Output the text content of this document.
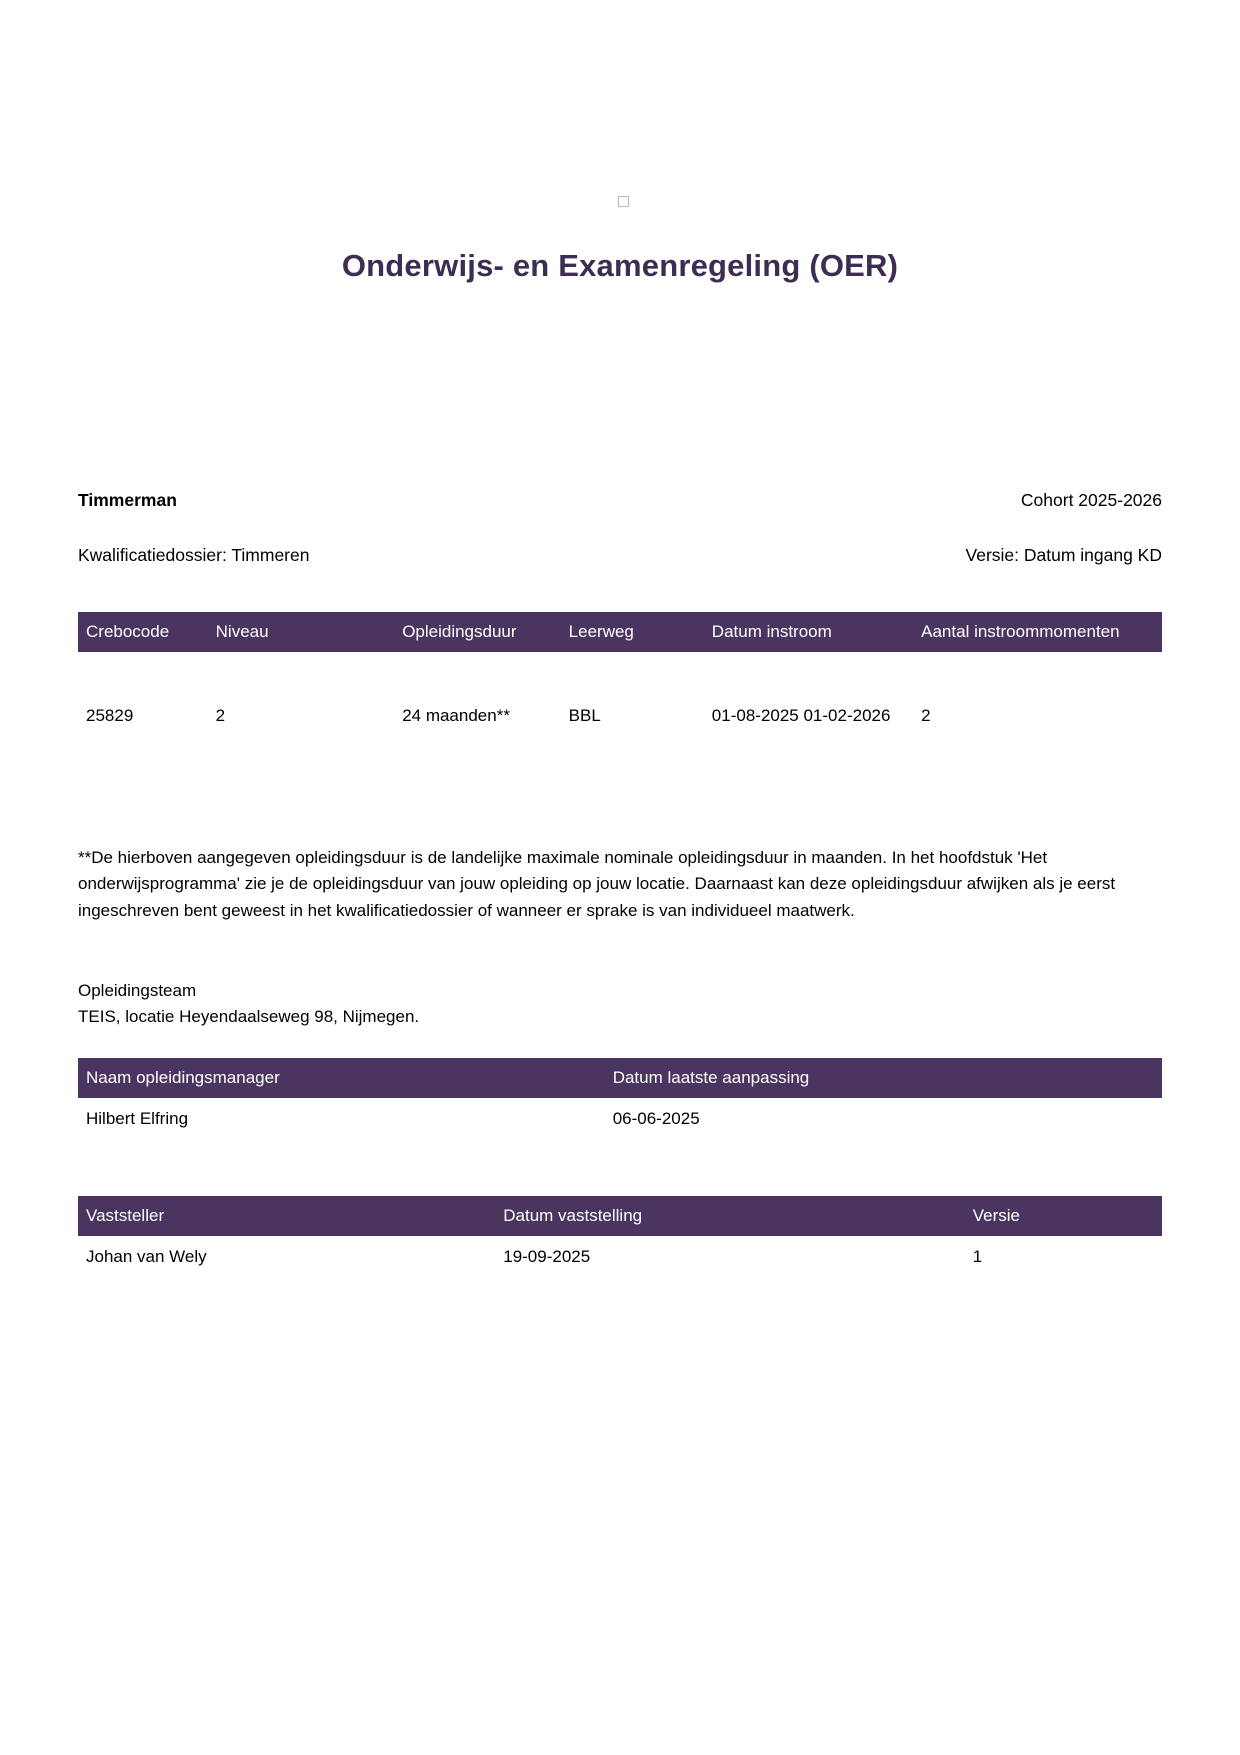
Onderwijs- en Examenregeling (OER)
Timmerman	Cohort 2025-2026
Kwalificatiedossier: Timmeren	Versie: Datum ingang KD
Crebocode	Niveau	Opleidingsduur	Leerweg	Datum instroom	Aantal instroommomenten
25829	2	24 maanden**	BBL	01-08-2025 01-02-2026	2
**De hierboven aangegeven opleidingsduur is de landelijke maximale nominale opleidingsduur in maanden. In het hoofdstuk 'Het onderwijsprogramma' zie je de opleidingsduur van jouw opleiding op jouw locatie. Daarnaast kan deze opleidingsduur afwijken als je eerst ingeschreven bent geweest in het kwalificatiedossier of wanneer er sprake is van individueel maatwerk.
Opleidingsteam
TEIS, locatie Heyendaalseweg 98, Nijmegen.
Naam opleidingsmanager	Datum laatste aanpassing
Hilbert Elfring	06-06-2025
Vaststeller	Datum vaststelling	Versie
Johan van Wely	19-09-2025	1
